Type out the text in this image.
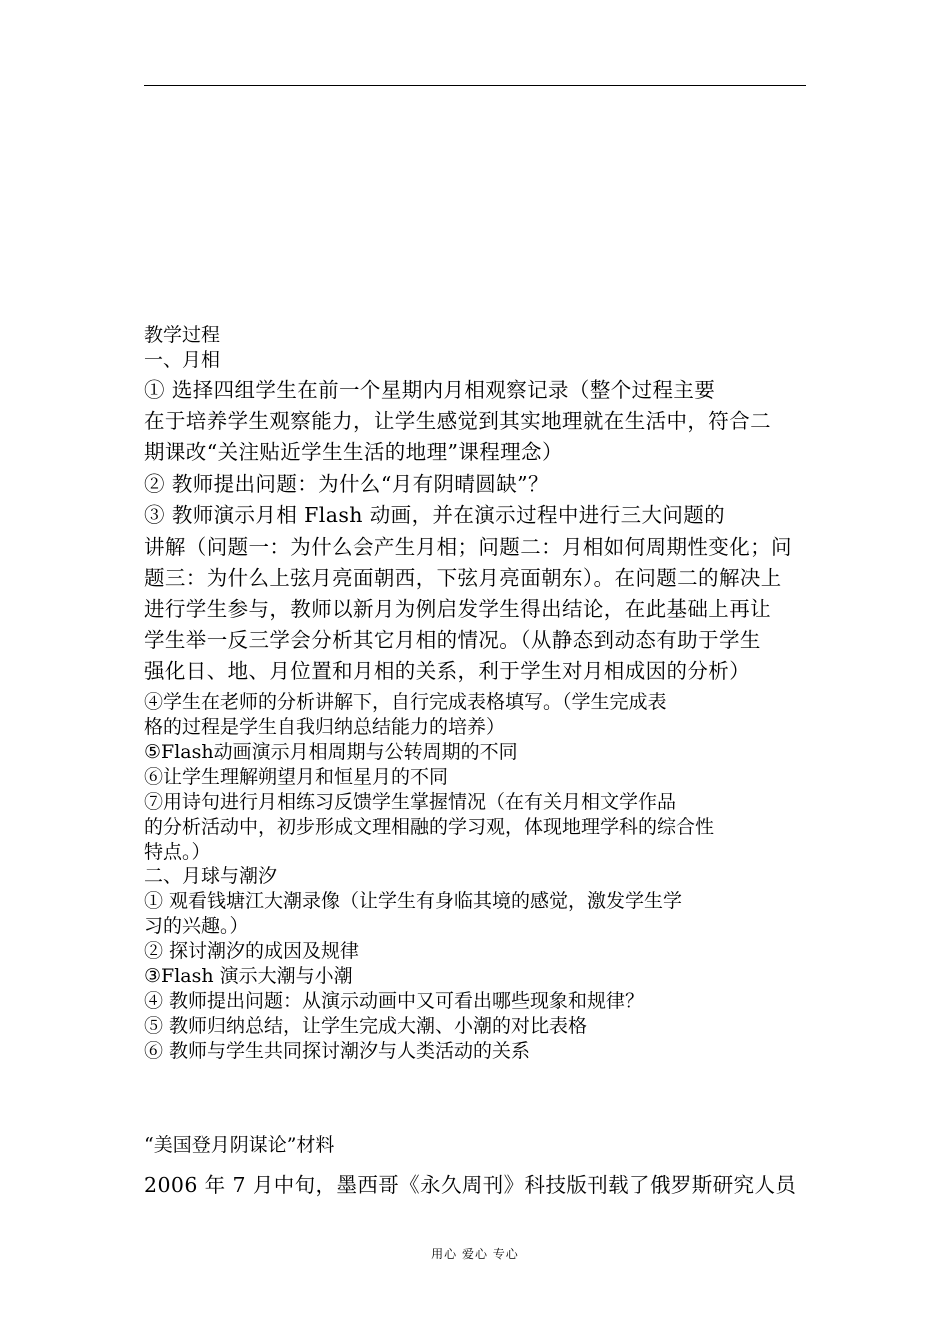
教学过程
一、月相
① 选择四组学生在前一个星期内月相观察记录（整个过程主要
在于培养学生观察能力，让学生感觉到其实地理就在生活中，符合二
期课改“关注贴近学生生活的地理”课程理念）
② 教师提出问题：为什么“月有阴晴圆缺”？
③ 教师演示月相 Flash 动画，并在演示过程中进行三大问题的
讲解（问题一：为什么会产生月相；问题二：月相如何周期性变化；问
题三：为什么上弦月亮面朝西，下弦月亮面朝东）。在问题二的解决上
进行学生参与，教师以新月为例启发学生得出结论，在此基础上再让
学生举一反三学会分析其它月相的情况。（从静态到动态有助于学生
强化日、地、月位置和月相的关系，利于学生对月相成因的分析）
④学生在老师的分析讲解下，自行完成表格填写。（学生完成表
格的过程是学生自我归纳总结能力的培养）
⑤Flash动画演示月相周期与公转周期的不同
⑥让学生理解朔望月和恒星月的不同
⑦用诗句进行月相练习反馈学生掌握情况（在有关月相文学作品
的分析活动中，初步形成文理相融的学习观，体现地理学科的综合性
特点。）
二、月球与潮汐
① 观看钱塘江大潮录像（让学生有身临其境的感觉，激发学生学
习的兴趣。）
② 探讨潮汐的成因及规律
③Flash 演示大潮与小潮
④ 教师提出问题：从演示动画中又可看出哪些现象和规律？
⑤ 教师归纳总结，让学生完成大潮、小潮的对比表格
⑥ 教师与学生共同探讨潮汐与人类活动的关系
“美国登月阴谋论”材料
2006 年 7 月中旬，墨西哥《永久周刊》科技版刊载了俄罗斯研究人员
用心 爱心 专心
